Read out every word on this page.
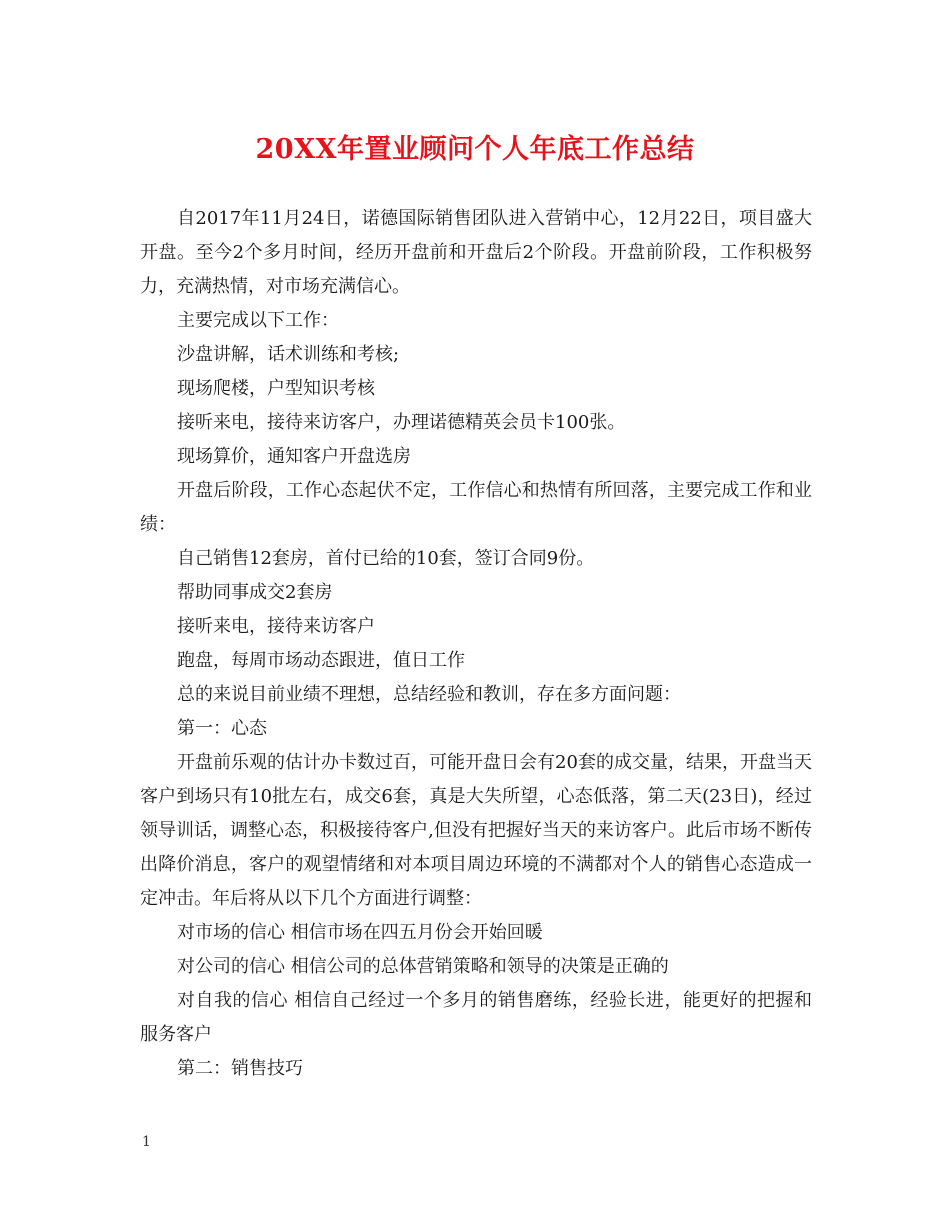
20XX年置业顾问个人年底工作总结

自2017年11月24日，诺德国际销售团队进入营销中心，12月22日，项目盛大开盘。至今2个多月时间，经历开盘前和开盘后2个阶段。开盘前阶段，工作积极努力，充满热情，对市场充满信心。

主要完成以下工作：

沙盘讲解，话术训练和考核;

现场爬楼，户型知识考核

接听来电，接待来访客户，办理诺德精英会员卡100张。

现场算价，通知客户开盘选房

开盘后阶段，工作心态起伏不定，工作信心和热情有所回落，主要完成工作和业绩：

自己销售12套房，首付已给的10套，签订合同9份。

帮助同事成交2套房

接听来电，接待来访客户

跑盘，每周市场动态跟进，值日工作

总的来说目前业绩不理想，总结经验和教训，存在多方面问题：

第一：心态

开盘前乐观的估计办卡数过百，可能开盘日会有20套的成交量，结果，开盘当天客户到场只有10批左右，成交6套，真是大失所望，心态低落，第二天(23日)，经过领导训话，调整心态，积极接待客户,但没有把握好当天的来访客户。此后市场不断传出降价消息，客户的观望情绪和对本项目周边环境的不满都对个人的销售心态造成一定冲击。年后将从以下几个方面进行调整：

对市场的信心 相信市场在四五月份会开始回暖

对公司的信心 相信公司的总体营销策略和领导的决策是正确的

对自我的信心 相信自己经过一个多月的销售磨练，经验长进，能更好的把握和服务客户

第二：销售技巧

1
